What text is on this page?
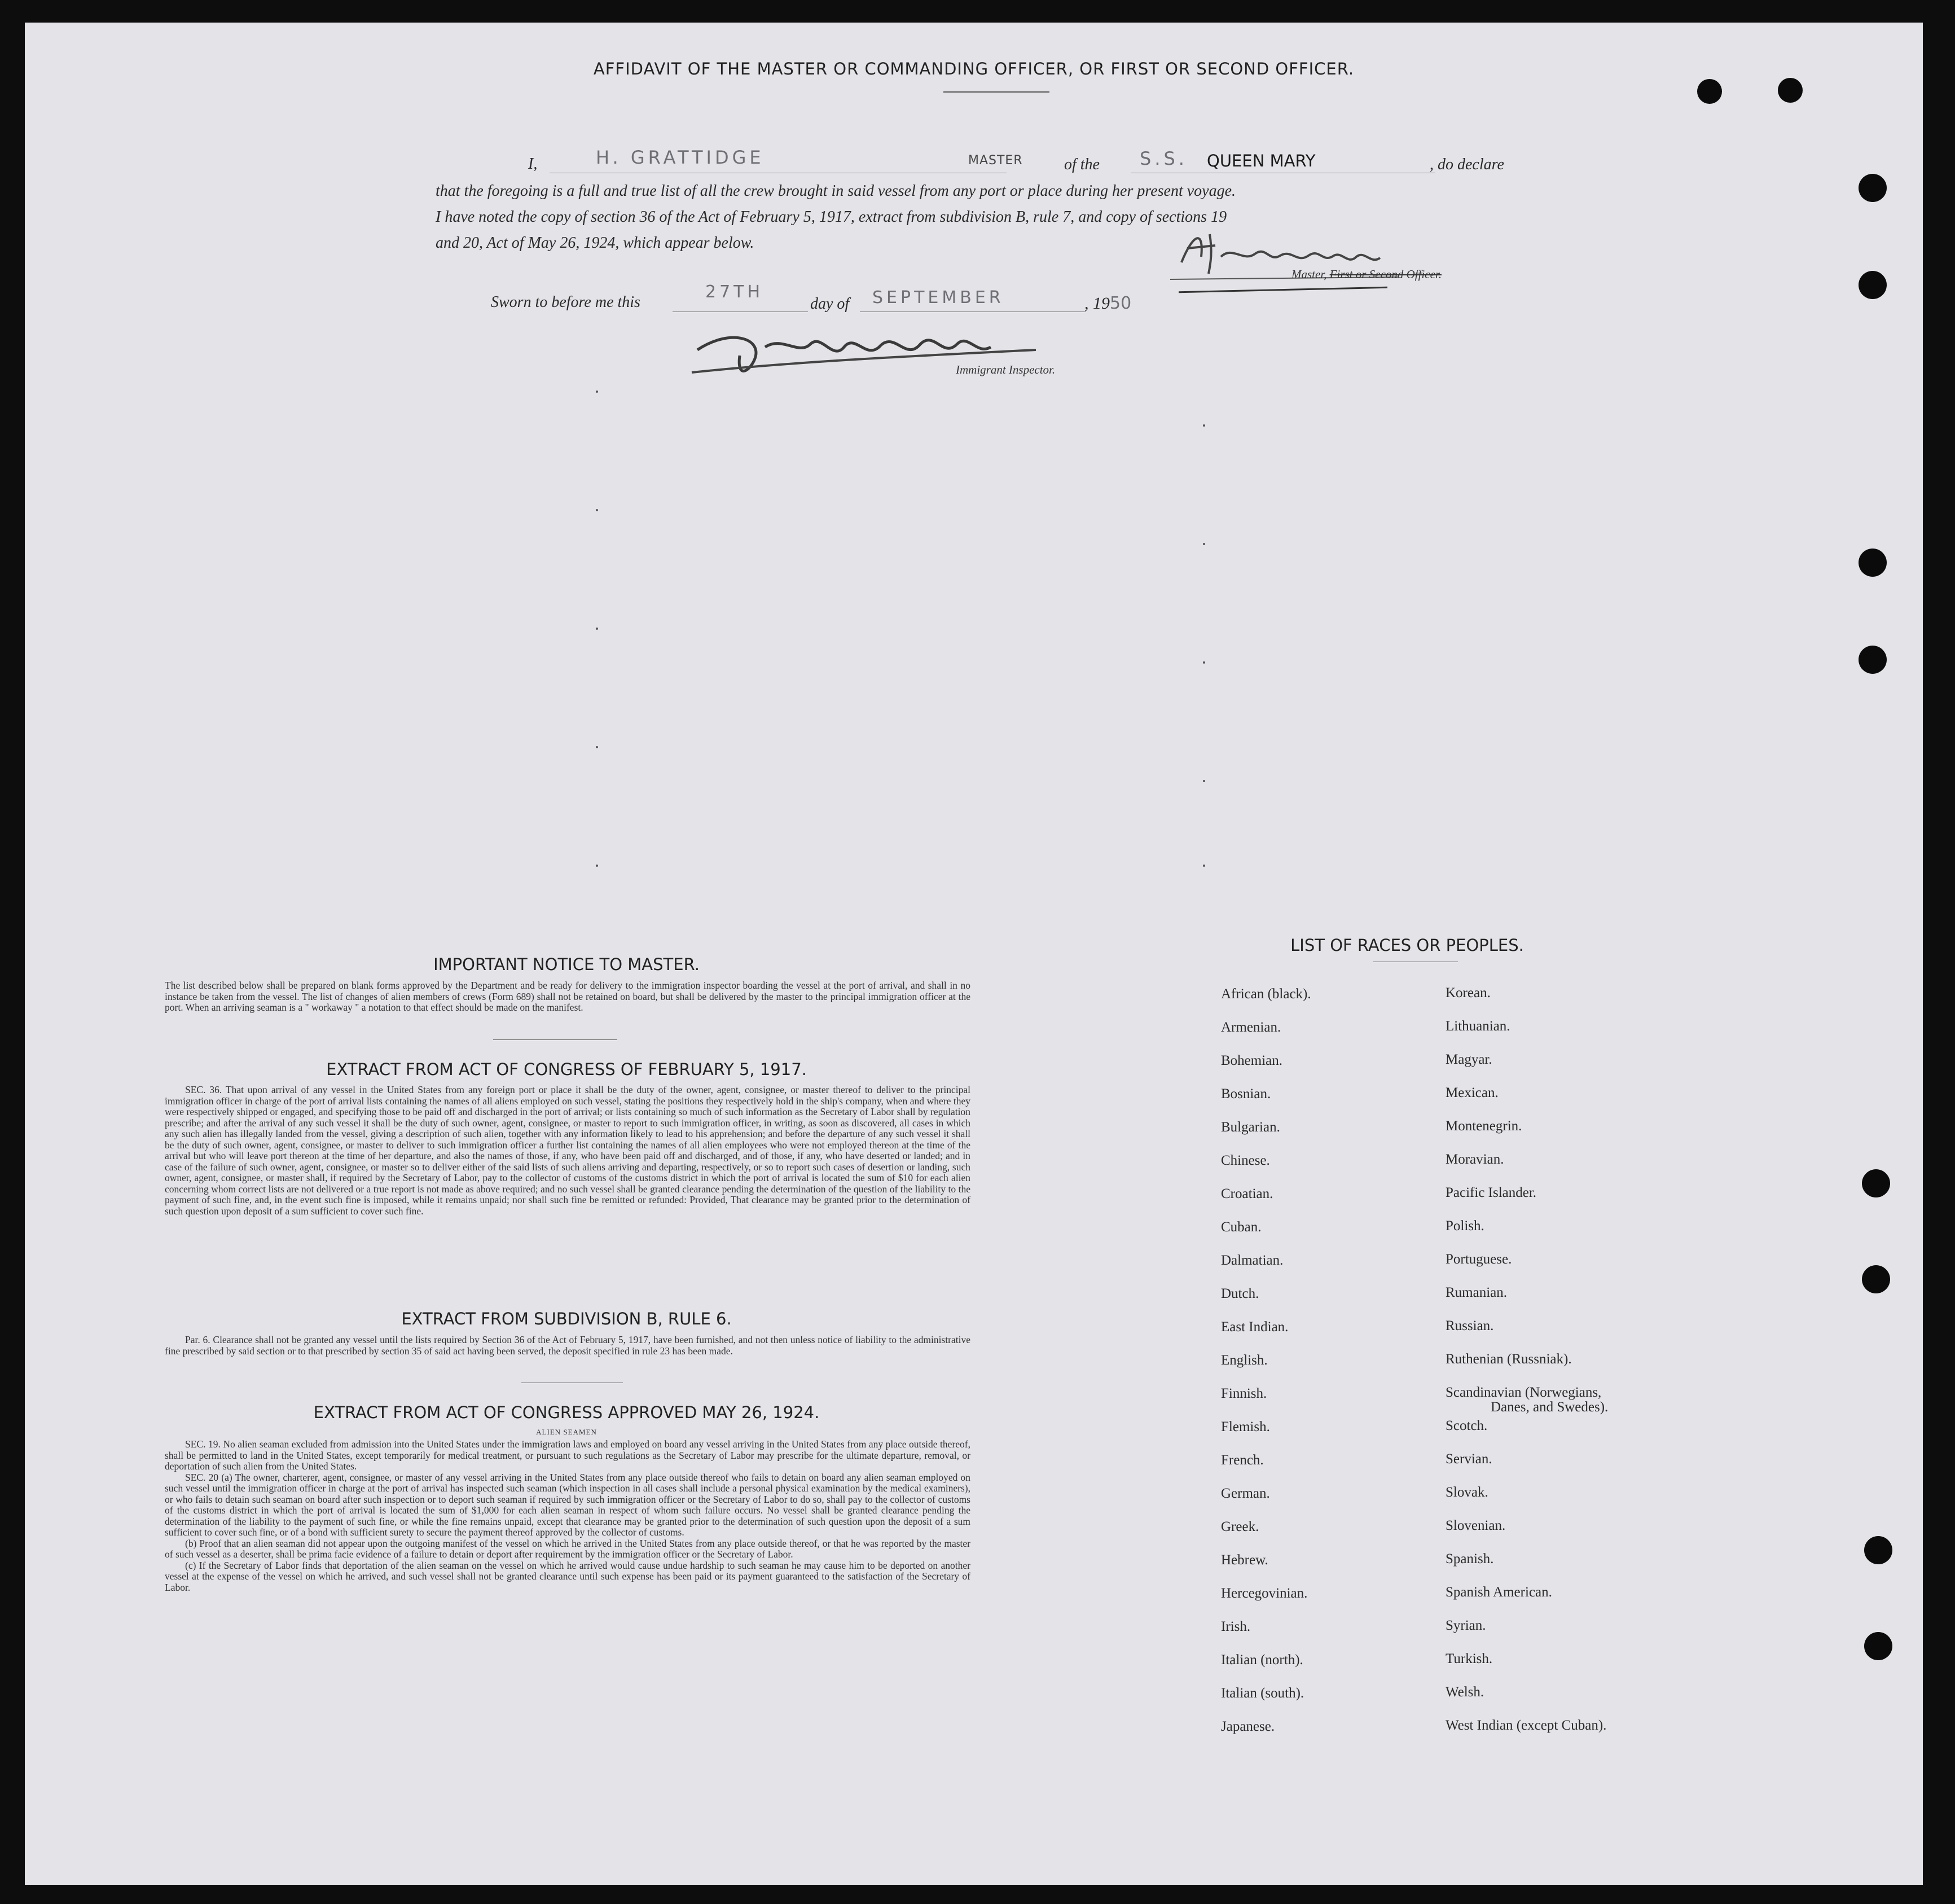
AFFIDAVIT OF THE MASTER OR COMMANDING OFFICER, OR FIRST OR SECOND OFFICER.
I,	H. GRATTIDGE	MASTER	of the S.S. QUEEN MARY	, do declare
that the foregoing is a full and true list of all the crew brought in said vessel from any port or place during her present voyage.
I have noted the copy of section 36 of the Act of February 5, 1917, extract from subdivision B, rule 7, and copy of sections 19
and 20, Act of May 26, 1924, which appear below.
Master, First or Second Officer.
Sworn to before me this
27TH
day of SEPTEMBER	, 1950
Immigrant Inspector.
IMPORTANT NOTICE TO MASTER.
The list described below shall be prepared on blank forms approved by the Department and be ready for delivery to the immigration inspector boarding the vessel at the port of arrival, and shall in no instance be taken from the vessel. The list of changes of alien members of crews (Form 689) shall not be retained on board, but shall be delivered by the master to the principal immigration officer at the port. When an arriving seaman is a " workaway " a notation to that effect should be made on the manifest.
EXTRACT FROM ACT OF CONGRESS OF FEBRUARY 5, 1917.
SEC. 36. That upon arrival of any vessel in the United States from any foreign port or place it shall be the duty of the owner, agent, consignee, or master thereof to deliver to the principal immigration officer in charge of the port of arrival lists containing the names of all aliens employed on such vessel, stating the positions they respectively hold in the ship's company, when and where they were respectively shipped or engaged, and specifying those to be paid off and discharged in the port of arrival; or lists containing so much of such information as the Secretary of Labor shall by regulation prescribe; and after the arrival of any such vessel it shall be the duty of such owner, agent, consignee, or master to report to such immigration officer, in writing, as soon as discovered, all cases in which any such alien has illegally landed from the vessel, giving a description of such alien, together with any information likely to lead to his apprehension; and before the departure of any such vessel it shall be the duty of such owner, agent, consignee, or master to deliver to such immigration officer a further list containing the names of all alien employees who were not employed thereon at the time of the arrival but who will leave port thereon at the time of her departure, and also the names of those, if any, who have been paid off and discharged, and of those, if any, who have deserted or landed; and in case of the failure of such owner, agent, consignee, or master so to deliver either of the said lists of such aliens arriving and departing, respectively, or so to report such cases of desertion or landing, such owner, agent, consignee, or master shall, if required by the Secretary of Labor, pay to the collector of customs of the customs district in which the port of arrival is located the sum of $10 for each alien concerning whom correct lists are not delivered or a true report is not made as above required; and no such vessel shall be granted clearance pending the determination of the question of the liability to the payment of such fine, and, in the event such fine is imposed, while it remains unpaid; nor shall such fine be remitted or refunded: Provided, That clearance may be granted prior to the determination of such question upon deposit of a sum sufficient to cover such fine.
EXTRACT FROM SUBDIVISION B, RULE 6.
Par. 6. Clearance shall not be granted any vessel until the lists required by Section 36 of the Act of February 5, 1917, have been furnished, and not then unless notice of liability to the administrative fine prescribed by said section or to that prescribed by section 35 of said act having been served, the deposit specified in rule 23 has been made.
EXTRACT FROM ACT OF CONGRESS APPROVED MAY 26, 1924.
ALIEN SEAMEN

SEC. 19. No alien seaman excluded from admission into the United States under the immigration laws and employed on board any vessel arriving in the United States from any place outside thereof, shall be permitted to land in the United States, except temporarily for medical treatment, or pursuant to such regulations as the Secretary of Labor may prescribe for the ultimate departure, removal, or deportation of such alien from the United States.

SEC. 20 (a) The owner, charterer, agent, consignee, or master of any vessel arriving in the United States from any place outside thereof who fails to detain on board any alien seaman employed on such vessel until the immigration officer in charge at the port of arrival has inspected such seaman (which inspection in all cases shall include a personal physical examination by the medical examiners), or who fails to detain such seaman on board after such inspection or to deport such seaman if required by such immigration officer or the Secretary of Labor to do so, shall pay to the collector of customs of the customs district in which the port of arrival is located the sum of $1,000 for each alien seaman in respect of whom such failure occurs. No vessel shall be granted clearance pending the determination of the liability to the payment of such fine, or while the fine remains unpaid, except that clearance may be granted prior to the determination of such question upon the deposit of a sum sufficient to cover such fine, or of a bond with sufficient surety to secure the payment thereof approved by the collector of customs.

(b) Proof that an alien seaman did not appear upon the outgoing manifest of the vessel on which he arrived in the United States from any place outside thereof, or that he was reported by the master of such vessel as a deserter, shall be prima facie evidence of a failure to detain or deport after requirement by the immigration officer or the Secretary of Labor.

(c) If the Secretary of Labor finds that deportation of the alien seaman on the vessel on which he arrived would cause undue hardship to such seaman he may cause him to be deported on another vessel at the expense of the vessel on which he arrived, and such vessel shall not be granted clearance until such expense has been paid or its payment guaranteed to the satisfaction of the Secretary of Labor.

LIST OF RACES OR PEOPLES.
African (black).
Armenian.
Bohemian.
Bosnian.
Bulgarian.
Chinese.
Croatian.
Cuban.
Dalmatian.
Dutch.
East Indian.
English.
Finnish.
Flemish.
French.
German.
Greek.
Hebrew.
Hercegovinian.
Irish.
Italian (north).
Italian (south).
Japanese.
Korean.
Lithuanian.
Magyar.
Mexican.
Montenegrin.
Moravian.
Pacific Islander.
Polish.
Portuguese.
Rumanian.
Russian.
Ruthenian (Russniak).
Scandinavian (Norwegians,
Danes, and Swedes).
Scotch.
Servian.
Slovak.
Slovenian.
Spanish.
Spanish American.
Syrian.
Turkish.
Welsh.
West Indian (except Cuban).
